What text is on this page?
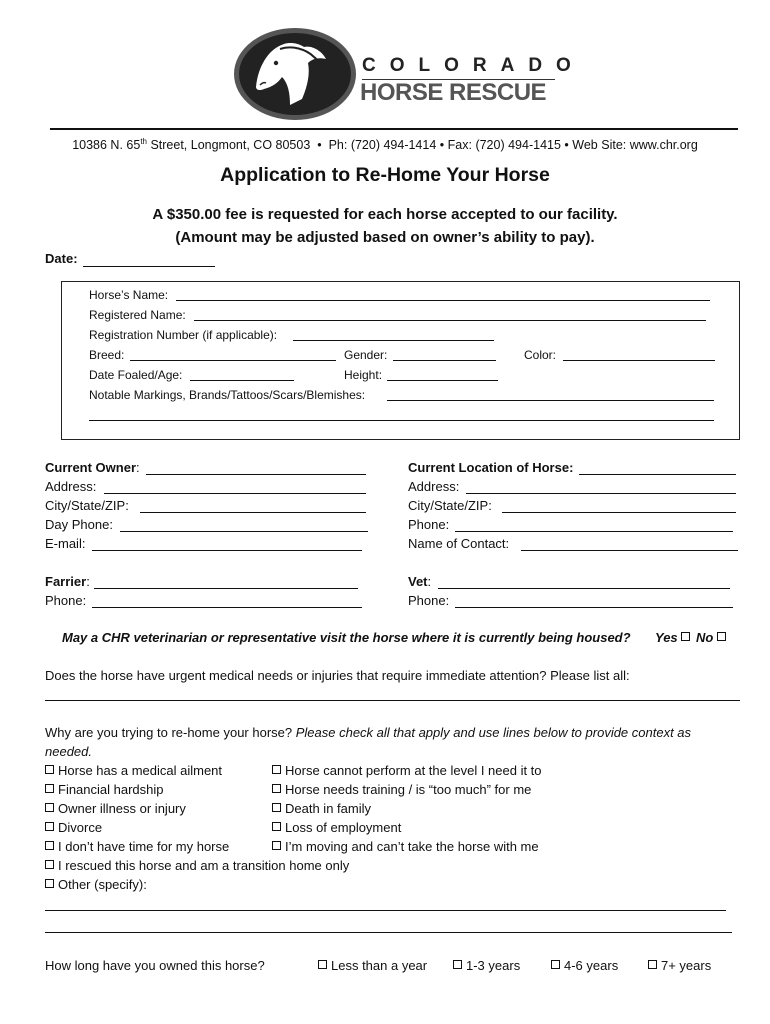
COLORADO
HORSE RESCUE
10386 N. 65th Street, Longmont, CO 80503  •  Ph: (720) 494-1414 • Fax: (720) 494-1415 • Web Site: www.chr.org
Application to Re-Home Your Horse
A $350.00 fee is requested for each horse accepted to our facility.
(Amount may be adjusted based on owner’s ability to pay).
Date:
Horse’s Name:
Registered Name:
Registration Number (if applicable):
Breed:	Gender:	Color:
Date Foaled/Age:	Height:
Notable Markings, Brands/Tattoos/Scars/Blemishes:
Current Owner:
Address:
City/State/ZIP:
Day Phone:
E-mail:
Current Location of Horse:
Address:
City/State/ZIP:
Phone:
Name of Contact:
Farrier:
Phone:
Vet:
Phone:
May a CHR veterinarian or representative visit the horse where it is currently being housed? Yes	No
Does the horse have urgent medical needs or injuries that require immediate attention? Please list all:
Why are you trying to re-home your horse? Please check all that apply and use lines below to provide context as
needed.
Horse has a medical ailment
Financial hardship
Owner illness or injury
Divorce
I don’t have time for my horse
Horse cannot perform at the level I need it to
Horse needs training / is “too much” for me
Death in family
Loss of employment
I’m moving and can’t take the horse with me
I rescued this horse and am a transition home only
Other (specify):
How long have you owned this horse?	Less than a year	1-3 years	4-6 years	7+ years
